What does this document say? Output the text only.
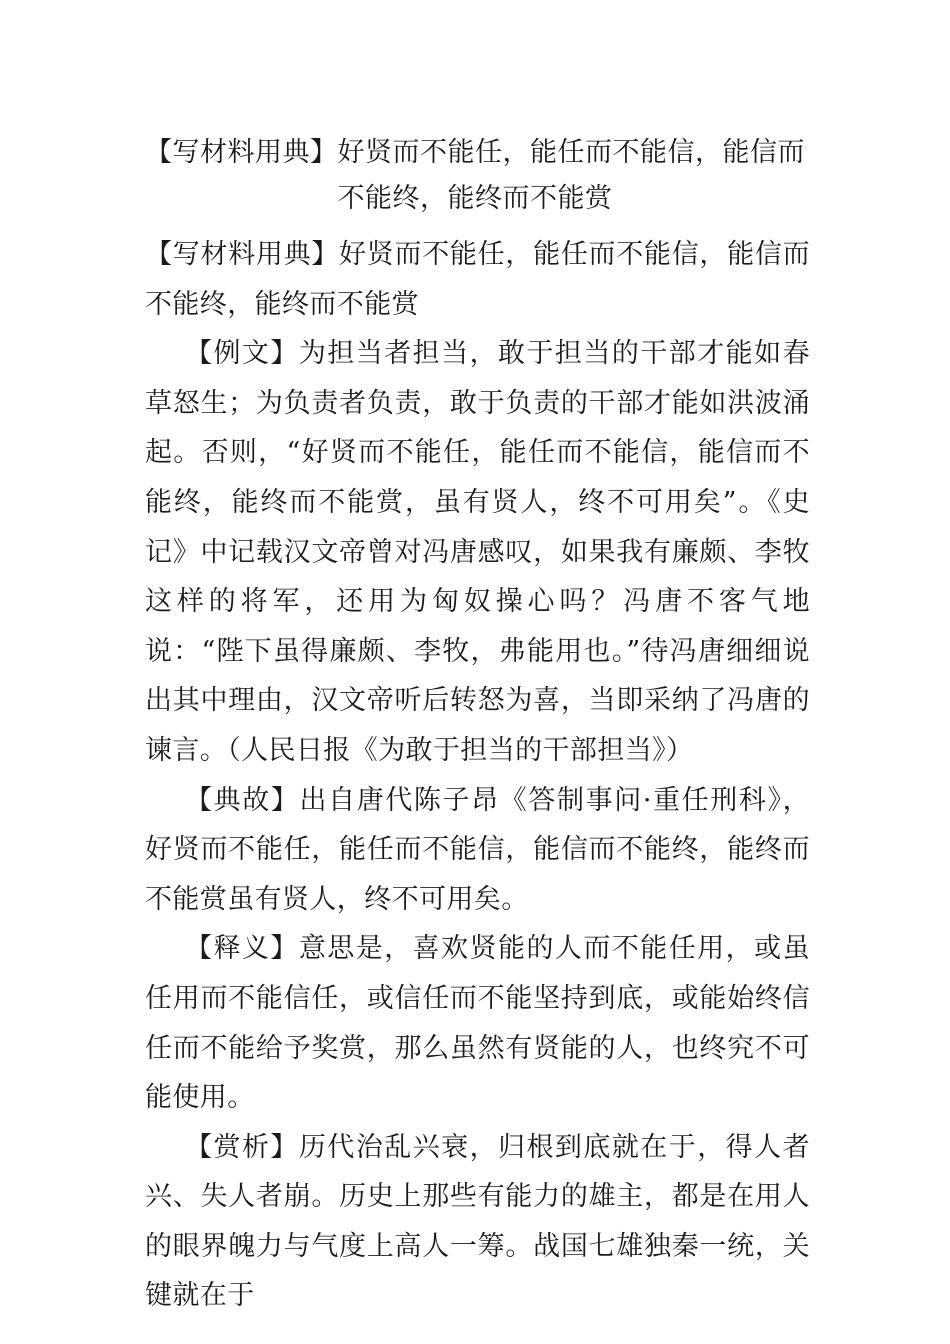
【写材料用典】好贤而不能任，能任而不能信，能信而不能终，能终而不能赏

【写材料用典】好贤而不能任，能任而不能信，能信而不能终，能终而不能赏

【例文】为担当者担当，敢于担当的干部才能如春草怒生；为负责者负责，敢于负责的干部才能如洪波涌起。否则，“好贤而不能任，能任而不能信，能信而不能终，能终而不能赏，虽有贤人，终不可用矣”。《史记》中记载汉文帝曾对冯唐感叹，如果我有廉颇、李牧这样的将军，还用为匈奴操心吗？冯唐不客气地说：“陛下虽得廉颇、李牧，弗能用也。”待冯唐细细说出其中理由，汉文帝听后转怒为喜，当即采纳了冯唐的谏言。（人民日报《为敢于担当的干部担当》）

【典故】出自唐代陈子昂《答制事问·重任刑科》，好贤而不能任，能任而不能信，能信而不能终，能终而不能赏虽有贤人，终不可用矣。

【释义】意思是，喜欢贤能的人而不能任用，或虽任用而不能信任，或信任而不能坚持到底，或能始终信任而不能给予奖赏，那么虽然有贤能的人，也终究不可能使用。

【赏析】历代治乱兴衰，归根到底就在于，得人者兴、失人者崩。历史上那些有能力的雄主，都是在用人的眼界魄力与气度上高人一筹。战国七雄独秦一统，关键就在于
